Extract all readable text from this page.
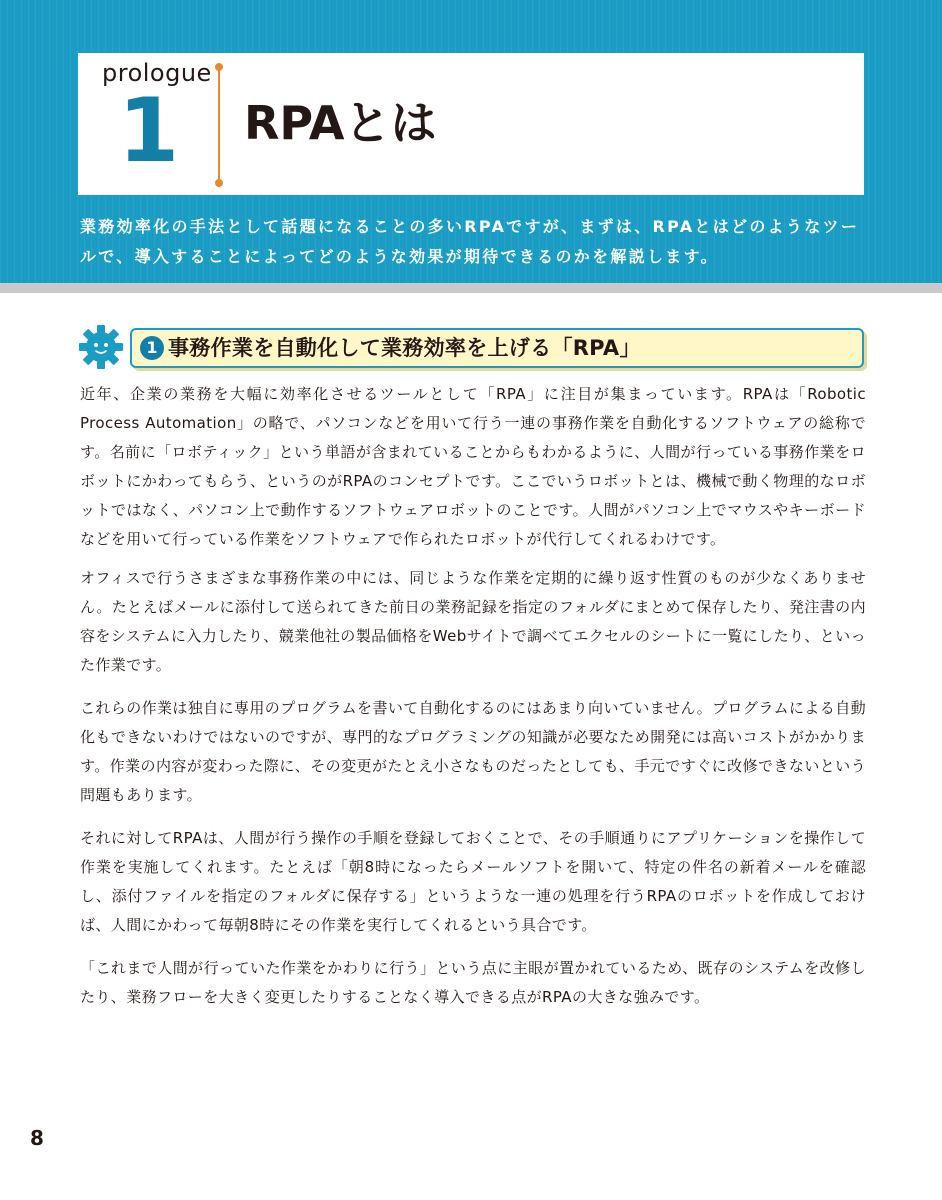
prologue
1 RPAとは

業務効率化の手法として話題になることの多いRPAですが、まずは、RPAとはどのようなツールで、導入することによってどのような効果が期待できるのかを解説します。

1 事務作業を自動化して業務効率を上げる「RPA」

近年、企業の業務を大幅に効率化させるツールとして「RPA」に注目が集まっています。RPAは「Robotic Process Automation」の略で、パソコンなどを用いて行う一連の事務作業を自動化するソフトウェアの総称です。名前に「ロボティック」という単語が含まれていることからもわかるように、人間が行っている事務作業をロボットにかわってもらう、というのがRPAのコンセプトです。ここでいうロボットとは、機械で動く物理的なロボットではなく、パソコン上で動作するソフトウェアロボットのことです。人間がパソコン上でマウスやキーボードなどを用いて行っている作業をソフトウェアで作られたロボットが代行してくれるわけです。

オフィスで行うさまざまな事務作業の中には、同じような作業を定期的に繰り返す性質のものが少なくありません。たとえばメールに添付して送られてきた前日の業務記録を指定のフォルダにまとめて保存したり、発注書の内容をシステムに入力したり、競業他社の製品価格をWebサイトで調べてエクセルのシートに一覧にしたり、といった作業です。

これらの作業は独自に専用のプログラムを書いて自動化するのにはあまり向いていません。プログラムによる自動化もできないわけではないのですが、専門的なプログラミングの知識が必要なため開発には高いコストがかかります。作業の内容が変わった際に、その変更がたとえ小さなものだったとしても、手元ですぐに改修できないという問題もあります。

それに対してRPAは、人間が行う操作の手順を登録しておくことで、その手順通りにアプリケーションを操作して作業を実施してくれます。たとえば「朝8時になったらメールソフトを開いて、特定の件名の新着メールを確認し、添付ファイルを指定のフォルダに保存する」というような一連の処理を行うRPAのロボットを作成しておけば、人間にかわって毎朝8時にその作業を実行してくれるという具合です。

「これまで人間が行っていた作業をかわりに行う」という点に主眼が置かれているため、既存のシステムを改修したり、業務フローを大きく変更したりすることなく導入できる点がRPAの大きな強みです。

8
